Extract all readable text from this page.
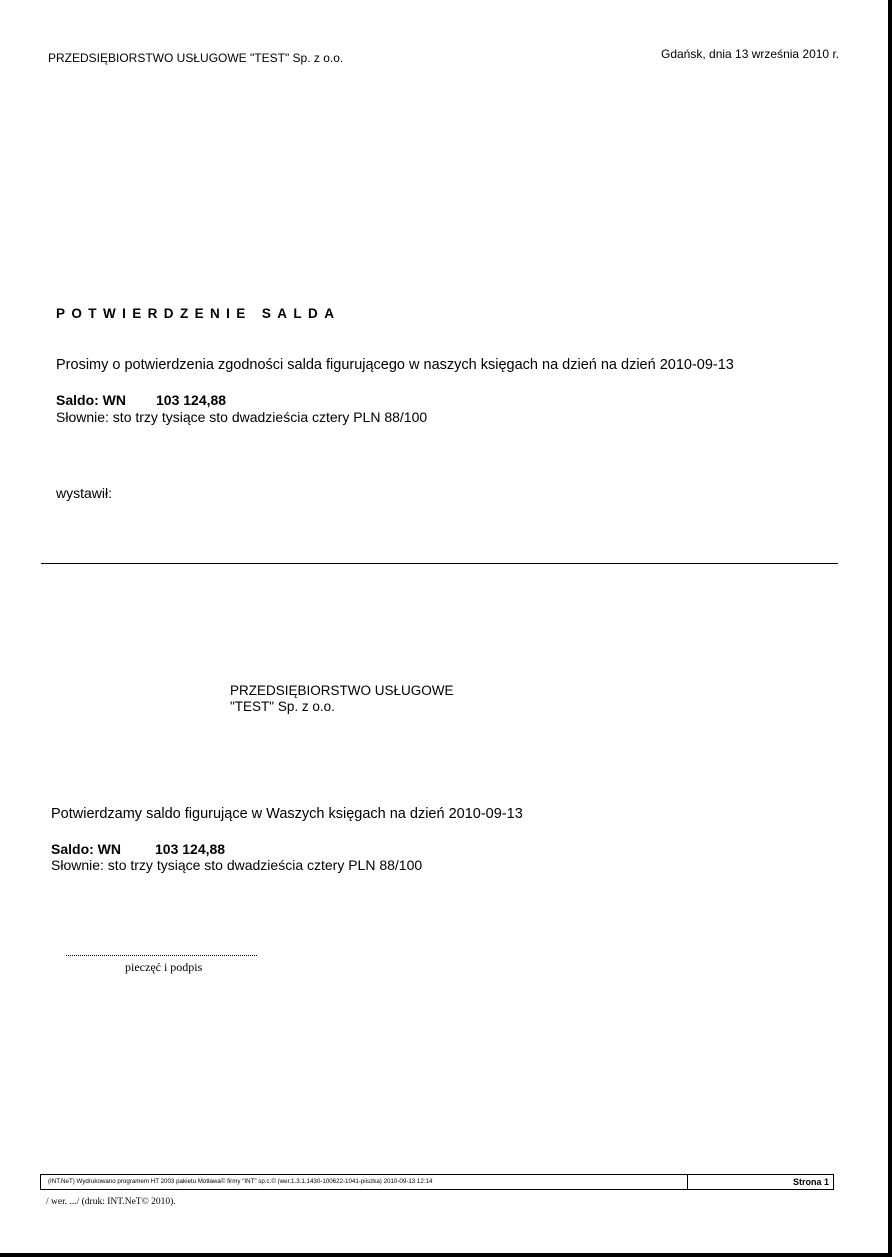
PRZEDSIĘBIORSTWO USŁUGOWE "TEST" Sp. z o.o.	Gdańsk, dnia 13 września 2010 r.
POTWIERDZENIE SALDA
Prosimy o potwierdzenia zgodności salda figurującego w naszych księgach na dzień na dzień 2010-09-13
Saldo: WN 103 124,88
Słownie: sto trzy tysiące sto dwadzieścia cztery PLN 88/100
wystawił:
PRZEDSIĘBIORSTWO USŁUGOWE
"TEST" Sp. z o.o.
Potwierdzamy saldo figurujące w Waszych księgach na dzień 2010-09-13
Saldo: WN 103 124,88
Słownie: sto trzy tysiące sto dwadzieścia cztery PLN 88/100
pieczęć i podpis
(INT.NeT) Wydrukowano programem HT 2003 pakietu Motława© firmy "INT" sp.c.© (wer.1.3.1.1430-100622-1041-piiszka) 2010-09-13 12:14	Strona 1
/ wer. .../ (druk: INT.NeT© 2010).
